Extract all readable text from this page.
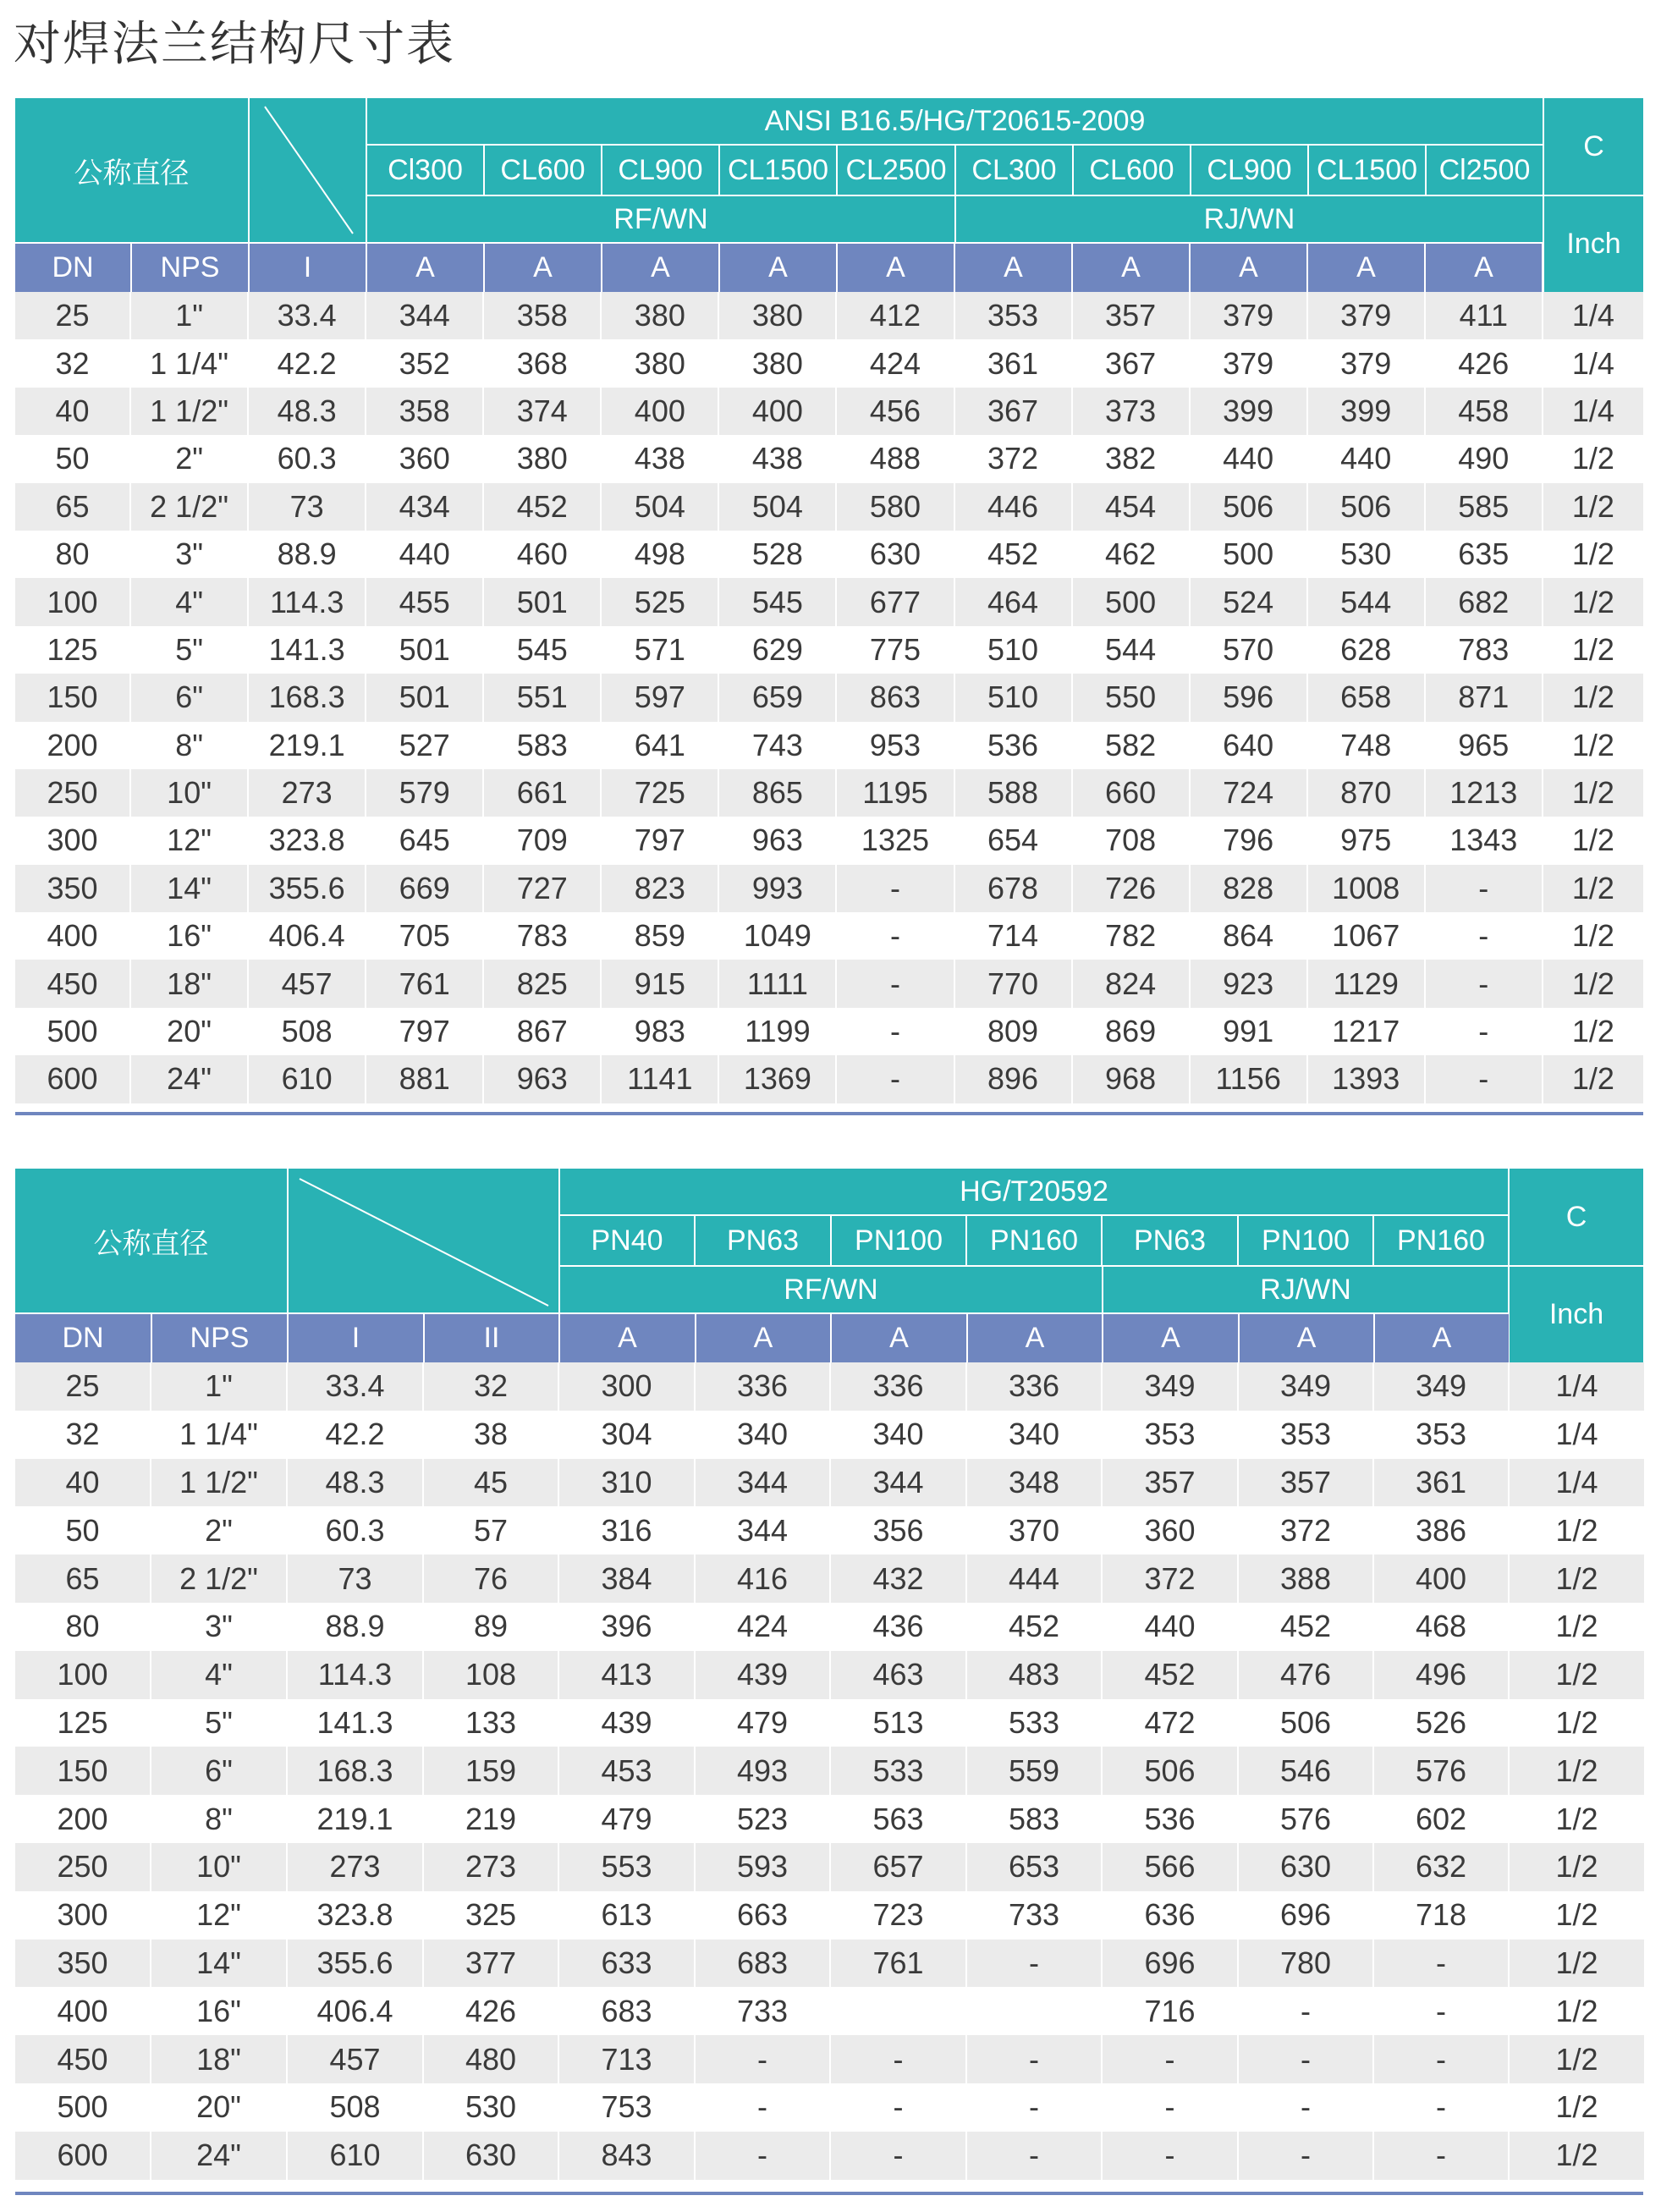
对焊法兰结构尺寸表
公称直径
ANSI B16.5/HG/T20615-2009
Cl300	CL600	CL900 CL1500 CL2500 CL300	CL600	CL900 CL1500 Cl2500
RF/WN	RJ/WN
C
Inch
DN	NPS	I	A	A	A	A	A	A	A	A	A	A
25	1"	33.4	344	358	380	380	412	353	357	379	379	411	1/4
32	1 1/4"	42.2	352	368	380	380	424	361	367	379	379	426	1/4
40	1 1/2"	48.3	358	374	400	400	456	367	373	399	399	458	1/4
50	2"	60.3	360	380	438	438	488	372	382	440	440	490	1/2
65	2 1/2"	73	434	452	504	504	580	446	454	506	506	585	1/2
80	3"	88.9	440	460	498	528	630	452	462	500	530	635	1/2
100	4"	114.3	455	501	525	545	677	464	500	524	544	682	1/2
125	5"	141.3	501	545	571	629	775	510	544	570	628	783	1/2
150	6"	168.3	501	551	597	659	863	510	550	596	658	871	1/2
200	8"	219.1	527	583	641	743	953	536	582	640	748	965	1/2
250	10"	273	579	661	725	865	1195	588	660	724	870	1213	1/2
300	12"	323.8	645	709	797	963	1325	654	708	796	975	1343	1/2
350	14"	355.6	669	727	823	993	-	678	726	828	1008	-	1/2
400	16"	406.4	705	783	859	1049	-	714	782	864	1067	-	1/2
450	18"	457	761	825	915	1111	-	770	824	923	1129	-	1/2
500	20"	508	797	867	983	1199	-	809	869	991	1217	-	1/2
600	24"	610	881	963	1141	1369	-	896	968	1156	1393	-	1/2
公称直径
HG/T20592
PN40	PN63	PN100	PN160	PN63	PN100	PN160
RF/WN	RJ/WN
C
Inch
DN	NPS	I	II	A	A	A	A	A	A	A
25	1"	33.4	32	300	336	336	336	349	349	349	1/4
32	1 1/4"	42.2	38	304	340	340	340	353	353	353	1/4
40	1 1/2"	48.3	45	310	344	344	348	357	357	361	1/4
50	2"	60.3	57	316	344	356	370	360	372	386	1/2
65	2 1/2"	73	76	384	416	432	444	372	388	400	1/2
80	3"	88.9	89	396	424	436	452	440	452	468	1/2
100	4"	114.3	108	413	439	463	483	452	476	496	1/2
125	5"	141.3	133	439	479	513	533	472	506	526	1/2
150	6"	168.3	159	453	493	533	559	506	546	576	1/2
200	8"	219.1	219	479	523	563	583	536	576	602	1/2
250	10"	273	273	553	593	657	653	566	630	632	1/2
300	12"	323.8	325	613	663	723	733	636	696	718	1/2
350	14"	355.6	377	633	683	761	-	696	780	-	1/2
400	16"	406.4	426	683	733			716	-	-	1/2
450	18"	457	480	713	-	-	-	-	-	-	1/2
500	20"	508	530	753	-	-	-	-	-	-	1/2
600	24"	610	630	843	-	-	-	-	-	-	1/2
